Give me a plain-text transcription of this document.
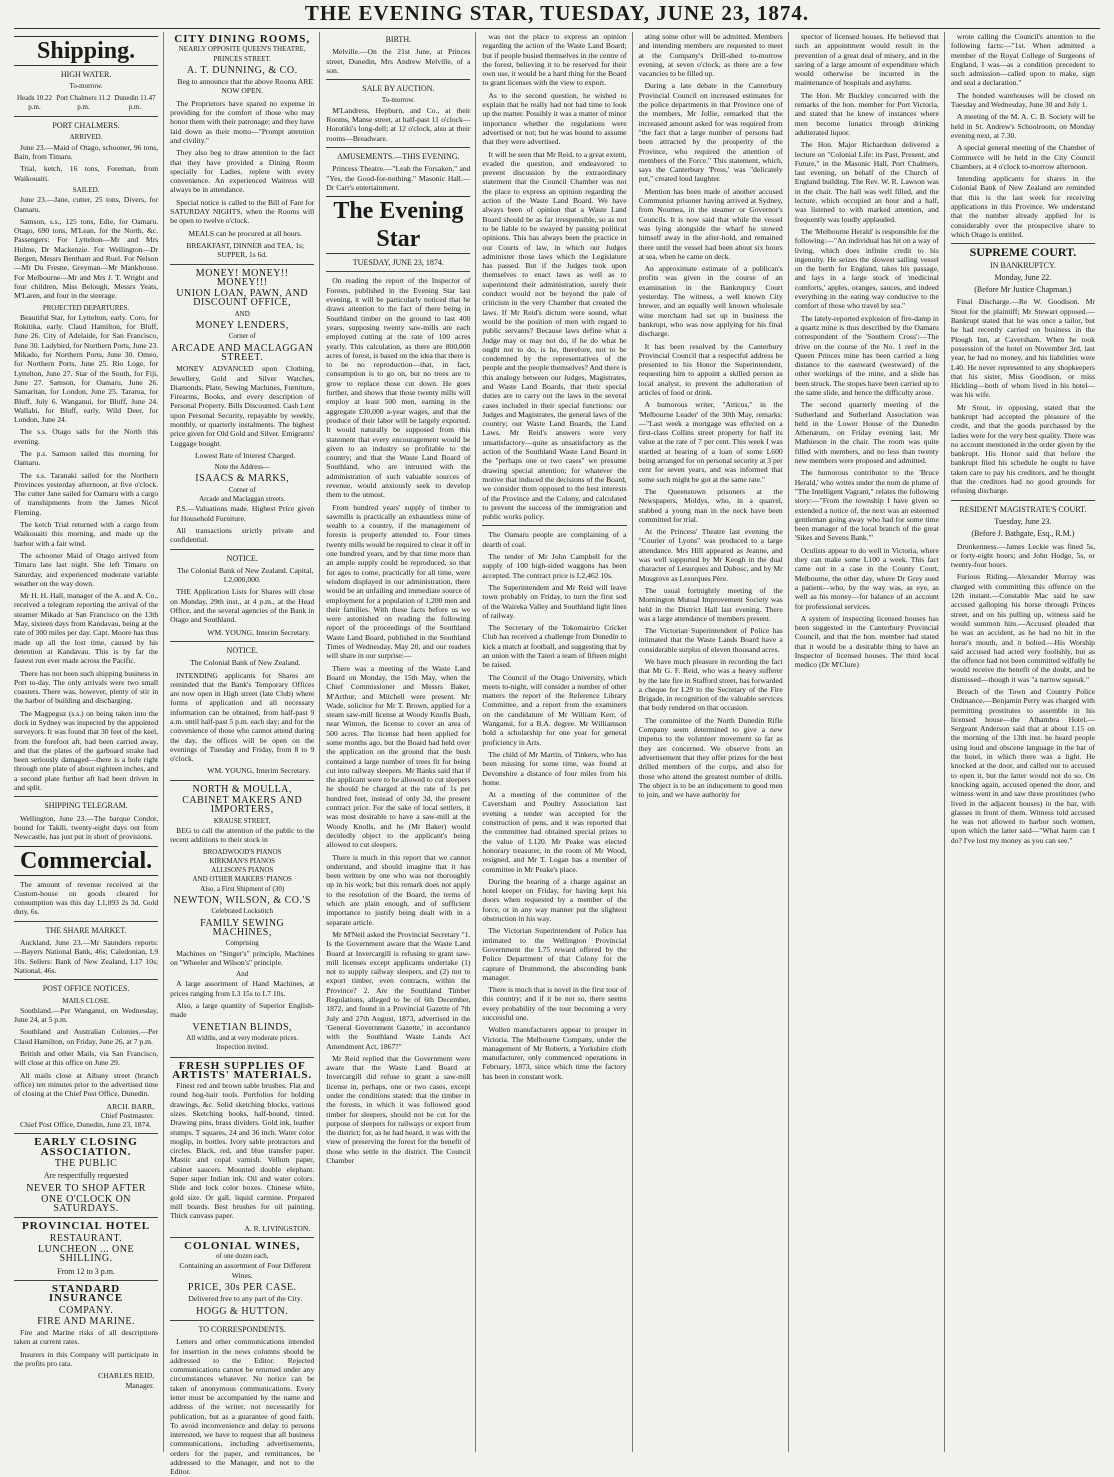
THE EVENING STAR, TUESDAY, JUNE 23, 1874.
Shipping.
HIGH WATER.
To-morrow.
Heads 10.22 p.m.
Port Chalmers 11.2 p.m.
Dunedin 11.47 p.m.
PORT CHALMERS.
ARRIVED.

June 23.—Maid of Otago, schooner, 96 tons, Bain, from Timaru.

Trial, ketch, 16 tons, Foreman, from Waikouaiti.

SAILED.

June 23.—Jane, cutter, 25 tons, Divers, for Oamaru.

Samson, s.s., 125 tons, Edie, for Oamaru. Otago, 690 tons, M'Lean, for the North, &c. Passengers: For Lyttelton—Mr and Mrs Hulme, Dr Mackenzie. For Wellington—Dr Bergen, Messrs Bentham and Ruel. For Nelson—Mr Du Fresne, Greyman—Mr Mankhouse. For Melbourne—Mr and Mrs J. T. Wright and four children, Miss Belough, Messrs Yeats, M'Laren, and four in the steerage.

PROJECTED DEPARTURES.

Beautiful Star, for Lyttelton, early. Coro, for Rokitika, early. Claud Hamilton, for Bluff, June 26. City of Adelaide, for San Francisco, June 30. Ladybird, for Northern Ports, June 23. Mikado, for Northern Ports, June 30. Omeo, for Northern Ports, June 25. Rio Loge, for Lyttelton, June 27. Star of the South, for Fiji, June 27. Samson, for Oamaru, June 26. Samaritan, for London, June 25. Tararua, for Bluff, July 6. Wanganui, for Bluff, June 24. Wallabi, for Bluff, early. Wild Deer, for London, June 24.

The s.s. Otago sails for the North this evening.

The p.s. Samson sailed this morning for Oamaru.

The s.s. Taranaki sailed for the Northern Provinces yesterday afternoon, at five o'clock. The cutter Jane sailed for Oamaru with a cargo of transhipments from the James Nicol Fleming.

The ketch Trial returned with a cargo from Waikouaiti this morning, and made up the harbor with a fair wind.

The schooner Maid of Otago arrived from Timaru late last night. She left Timaru on Saturday, and experienced moderate variable weather on the way down.

Mr H. H. Hall, manager of the A. and A. Co., received a telegram reporting the arrival of the steamer Mikado at San Francisco on the 13th May, sixteen days from Kandavau, being at the rate of 300 miles per day. Capt. Moore has thus made up all the lost time, caused by his detention at Kandavau. This is by far the fastest run ever made across the Pacific.

There has not been such shipping business in Port to-day. The only arrivals were two small coasters. There was, however, plenty of stir in the harbor of building and discharging.

The Magpeguz (s.s.) on being taken into the dock in Sydney was inspected by the appointed surveyors. It was found that 30 feet of the keel, from the forefoot aft, had been carried away, and that the plates of the garboard strake had been seriously damaged—there is a hole right through one plate of about eighteen inches, and a second plate further aft had been driven in and split.

SHIPPING TELEGRAM.

Wellington, June 23.—The barque Condor, bound for Takili, twenty-eight days out from Newcastle, has just put in short of provisions.

Commercial.

The amount of revenue received at the Custom-house on goods cleared for consumption was this day L1,093 2s 3d. Gold duty, 6s.

THE SHARE MARKET.

Auckland, June 23.—Mr Saunders reports: —Bayers National Bank, 46s; Caledonian, L9 10s. Sellers: Bank of New Zealand, L17 10s; National, 46s.

POST OFFICE NOTICES.
MAILS CLOSE.

Southland.—Per Wanganui, on Wednesday, June 24, at 5 p.m.

Southland and Australian Colonies.—Per Claud Hamilton, on Friday, June 26, at 7 p.m.

British and other Mails, via San Francisco, will close at this office on June 29.

All mails close at Albany street (branch office) ten minutes prior to the advertised time of closing at the Chief Post Office, Dunedin.

ARCH. BARR,
Chief Postmaster.

Chief Post Office, Dunedin, June 23, 1874.

EARLY CLOSING ASSOCIATION.
THE PUBLIC
Are respectfully requested
NEVER TO SHOP AFTER
ONE O'CLOCK ON SATURDAYS.
PROVINCIAL HOTEL
RESTAURANT.
LUNCHEON ... ONE SHILLING.
From 12 to 3 p.m.
STANDARD INSURANCE
COMPANY.
FIRE AND MARINE.

Fire and Marine risks of all descriptions taken at current rates.

Insurers in this Company will participate in the profits pro rata.

CHARLES REID,
Manager.
CITY DINING ROOMS,
NEARLY OPPOSITE QUEEN'S THEATRE, PRINCES STREET.
A. T. DUNNING, & CO.

Beg to announce that the above Rooms ARE NOW OPEN.

The Proprietors have spared no expense in providing for the comfort of those who may honor them with their patronage; and they have laid down as their motto—"Prompt attention and civility."

They also beg to draw attention to the fact that they have provided a Dining Room specially for Ladies, replete with every convenience. An experienced Waitress will always be in attendance.

Special notice is called to the Bill of Fare for SATURDAY NIGHTS, when the Rooms will be open to twelve o'clock.

MEALS can be procured at all hours.

BREAKFAST, DINNER and TEA, 1s; SUPPER, 1s 6d.

MONEY! MONEY!! MONEY!!!
UNION LOAN, PAWN, AND DISCOUNT OFFICE,
AND
MONEY LENDERS,
Corner of
ARCADE AND MACLAGGAN STREET.

MONEY ADVANCED upon Clothing, Jewellery, Gold and Silver Watches, Diamonds, Plate, Sewing Machines, Furniture, Firearms, Books, and every description of Personal Property. Bills Discounted. Cash Lent upon Personal Security, repayable by weekly, monthly, or quarterly instalments. The highest price given for Old Gold and Silver. Emigrants' Luggage bought.

Lowest Rate of Interest Charged.

Note the Address—
ISAACS & MARKS,
Corner of
Arcade and Maclaggan streets.

P.S.—Valuations made. Highest Price given for Household Furniture.

All transactions strictly private and confidential.

NOTICE.

The Colonial Bank of New Zealand. Capital, L2,000,000.

THE Application Lists for Shares will close on Monday, 29th inst., at 4 p.m., at the Head Office, and the several agencies of the Bank in Otago and Southland.

WM. YOUNG, Interim Secretary.
NOTICE.

The Colonial Bank of New Zealand.

INTENDING applicants for Shares are reminded that the Bank's Temporary Offices are now open in High street (late Club) where forms of application and all necessary information can be obtained, from half-past 9 a.m. until half-past 5 p.m. each day; and for the convenience of those who cannot attend during the day, the offices will be open on the evenings of Tuesday and Friday, from 8 to 9 o'clock.

WM. YOUNG, Interim Secretary.
NORTH & MOULLA,
CABINET MAKERS AND IMPORTERS,
KRAUSE STREET,

BEG to call the attention of the public to the recent additions to their stock in

BROADWOOD'S PIANOS
KIRKMAN'S PIANOS
ALLISON'S PIANOS
AND OTHER MAKERS' PIANOS
Also, a First Shipment of (30)
NEWTON, WILSON, & CO.'S
Celebrated Lockstitch
FAMILY SEWING MACHINES,
Comprising

Machines on "Singer's" principle, Machines on "Wheeler and Wilson's" principle.

And

A large assortment of Hand Machines, at prices ranging from L3 15s to L7 10s.

Also, a large quantity of Superior English-made

VENETIAN BLINDS,
All widths, and at very moderate prices.
Inspection invited.
FRESH SUPPLIES OF ARTISTS' MATERIALS.

Finest red and brown sable brushes. Flat and round hog-hair tools. Portfolios for holding drawings, &c. Solid sketching blocks, various sizes. Sketching books, half-bound, tinted. Drawing pins, brass dividers. Gold ink, leather stumps. T squares, 24 and 36 inch. Water color moglip, in bottles. Ivory sable protractors and circles. Black, red, and blue transfer paper. Mastic and copal varnish. Vellum paper, cabinet saucers. Mounted double elephant. Super super Indian ink. Oil and water colors. Slide and lock color boxes. Chinese white, gold size. Or gall, liquid carmine. Prepared mill boards. Best brushes for oil painting. Thick canvass paper.

A. R. LIVINGSTON.
COLONIAL WINES,
of one dozen each,

Containing an assortment of Four Different Wines.

PRICE, 30s PER CASE.

Delivered free to any part of the City.

HOGG & HUTTON.
TO CORRESPONDENTS.

Letters and other communications intended for insertion in the news columns should be addressed to the Editor. Rejected communications cannot be returned under any circumstances whatever. No notice can be taken of anonymous communications. Every letter must be accompanied by the name and address of the writer, not necessarily for publication, but as a guarantee of good faith. To avoid inconvenience and delay to persons interested, we have to request that all business communications, including advertisements, orders for the paper, and remittances, be addressed to the Manager, and not to the Editor.

BIRTH.

Melville.—On the 21st June, at Princes street, Dunedin, Mrs Andrew Melville, of a son.

SALE BY AUCTION.
To-morrow.

M'Landress, Hepburn, and Co., at their Rooms, Manse street, at half-past 11 o'clock—Horotiki's long-dell; at 12 o'clock, also at their rooms—Breadware.

AMUSEMENTS.—THIS EVENING.

Princess Theatre.—"Leah the Forsaken," and "Yes, the Good-for-nothing." Masonic Hall.—Dr Carr's entertainment.

The Evening Star
TUESDAY, JUNE 23, 1874.

On reading the report of the Inspector of Forests, published in the Evening Star last evening, it will be particularly noticed that he draws attention to the fact of there being in Southland timber on the ground to last 400 years, supposing twenty saw-mills are each employed cutting at the rate of 100 acres yearly. This calculation, as there are 800,000 acres of forest, is based on the idea that there is to be no reproduction—that, in fact, consumption is to go on, but no trees are to grow to replace those cut down. He goes further, and shows that those twenty mills will employ at least 500 men, earning in the aggregate £30,000 a-year wages, and that the produce of their labor will be largely exported. It would naturally be supposed from this statement that every encouragement would be given to an industry so profitable to the country; and that the Waste Land Board of Southland, who are intrusted with the administration of such valuable sources of revenue, would anxiously seek to develop them to the utmost.

From hundred years' supply of timber to sawmills is practically an exhaustless mine of wealth to a country, if the management of forests is properly attended to. Four times twenty mills would be required to clear it off in one hundred years, and by that time more than an ample supply could be reproduced, so that for ages to come, practically for all time, were wisdom displayed in our administration, there would be an unfailing and immediate source of employment for a population of 1,200 men and their families. With these facts before us we were astonished on reading the following report of the proceedings of the Southland Waste Land Board, published in the Southland Times of Wednesday, May 20, and our readers will share in our surprise:—

There was a meeting of the Waste Land Board on Monday, the 15th May, when the Chief Commissioner and Messrs Baker, M'Arthur, and Mitchell were present. Mr Wade, solicitor for Mr T. Brown, applied for a steam saw-mill license at Woody Knolls Bush, near Winton, the license to cover an area of 500 acres. The license had been applied for some months ago, but the Board had held over the application on the ground that the bush contained a large number of trees fit for being cut into railway sleepers. Mr Banks said that if the applicant were to be allowed to cut sleepers he should be charged at the rate of 1s per hundred feet, instead of only 3d, the present contract price. For the sake of local settlers, it was most desirable to have a saw-mill at the Woody Knolls, and he (Mr Baker) would decidedly object to the applicant's being allowed to cut sleepers.

There is much in this report that we cannot understand, and should imagine that it has been written by one who was not thoroughly up in his work; but this remark does not apply to the resolution of the Board, the terms of which are plain enough, and of sufficient importance to justify being dealt with in a separate article.

Mr M'Neil asked the Provincial Secretary "1. Is the Government aware that the Waste Land Board at Invercargill is refusing to grant saw-mill licenses except applicants undertake (1) not to supply railway sleepers, and (2) not to export timber, even contracts, within the Province? 2. Are the Southland Timber Regulations, alleged to be of 6th December, 1872, and found in a Provincial Gazette of 7th July and 27th August, 1873, advertised in the 'General Government Gazette,' in accordance with the Southland Waste Lands Act Amendment Act, 1867?"

Mr Reid replied that the Government were aware that the Waste Land Board at Invercargill did refuse to grant a saw-mill license in, perhaps, one or two cases, except under the conditions stated: that the timber in the forests, in which it was followed good timber for sleepers, should not be cut for the purpose of sleepers for railways or export from the district; for, as he had heard, it was with the view of preserving the forest for the benefit of those who settle in the district. The Council Chamber

was not the place to express an opinion regarding the action of the Waste Land Board; but if people busied themselves in the centre of the forest, believing it to be reserved for their own use, it would be a hard thing for the Board to grant licenses with the view to export.

As to the second question, he wished to explain that he really had not had time to look up the matter. Possibly it was a matter of minor importance whether the regulations were advertised or not; but he was bound to assume that they were advertised.

It will be seen that Mr Reid, to a great extent, evaded the question, and endeavored to prevent discussion by the extraordinary statement that the Council Chamber was not the place to express an opinion regarding the action of the Waste Land Board. We have always been of opinion that a Waste Land Board should be as far irresponsible, so as not to be liable to be swayed by passing political opinions. This has always been the practice in our Courts of law, in which our Judges administer those laws which the Legislature has passed. But if the Judges took upon themselves to enact laws as well as to superintend their administration, surely their conduct would not be beyond the pale of criticism in the very Chamber that created the laws. If Mr Reid's dictum were sound, what would be the position of men with regard to public servants? Because laws define what a Judge may or may not do, if he do what he ought not to do, is he, therefore, not to be condemned by the representatives of the people and the people themselves? And there is this analogy between our Judges, Magistrates, and Waste Land Boards, that their special duties are to carry out the laws in the several cases included in their special functions: our Judges and Magistrates, the general laws of the country; our Waste Land Boards, the Land Laws. Mr Reid's answers were very unsatisfactory—quite as unsatisfactory as the action of the Southland Waste Land Board in the "perhaps one or two cases" we presume drawing special attention; for whatever the motive that induced the decisions of the Board, we consider them opposed to the best interests of the Province and the Colony, and calculated to prevent the success of the immigration and public works policy.

The Oamaru people are complaining of a dearth of coal.

The tender of Mr John Campbell for the supply of 100 high-sided waggons has been accepted. The contract price is L2,462 10s.

The Superintendent and Mr Reid will leave town probably on Friday, to turn the first sod of the Waireka Valley and Southland light lines of railway.

The Secretary of the Tokomairiro Cricket Club has received a challenge from Dunedin to kick a match at football, and suggesting that by an union with the Taieri a team of fifteen might be raised.

The Council of the Otago University, which meets to-night, will consider a number of other matters the report of the Reference Library Committee, and a report from the examiners on the candidature of Mr William Kerr, of Wanganui, for a B.A. degree. Mr Williamson hold a scholarship for one year for general proficiency in Arts.

The child of Mr Martin, of Tinkers, who has been missing for some time, was found at Devonshire a distance of four miles from his home.

At a meeting of the committee of the Caversham and Poultry Association last evening a tender was accepted for the construction of pens, and it was reported that the committee had obtained special prizes to the value of L120. Mr Peake was elected honorary treasurer, in the room of Mr Wood, resigned, and Mr T. Logan has a member of committee in Mr Peake's place.

During the hearing of a charge against an hotel keeper on Friday, for having kept his doors when requested by a member of the force, or in any way manner put the slightest obstruction in his way.

The Victorian Superintendent of Police has intimated to the Wellington Provincial Government the L75 reward offered by the Police Department of that Colony for the capture of Drummond, the absconding bank manager.

There is much that is novel in the first tour of this country; and if it be not so, there seems every probability of the tour becoming a very successful one.

Wollen manufacturers appear to prosper in Victoria. The Melbourne Company, under the management of Mr Roberts, a Yorkshire cloth manufacturer, only commenced operations in February, 1873, since which time the factory has been in constant work.

ating some other will be admitted. Members and intending members are requested to meet at the Company's Drill-shed to-morrow evening, at seven o'clock, as there are a few vacancies to be filled up.

During a late debate in the Canterbury Provincial Council on increased estimates for the police departments in that Province one of the members, Mr Jollie, remarked that the increased amount asked for was required from "the fact that a large number of persons had been attracted by the prosperity of the Province, who required the attention of members of the Force." This statement, which, says the Canterbury 'Press,' was "delicately put," created loud laughter.

Mention has been made of another accused Communist prisoner having arrived at Sydney, from Noumea, in the steamer or Governor's Councils. It is now said that while the vessel was lying alongside the wharf he stowed himself away in the after-hold, and remained there until the vessel had been about six hours at sea, when he came on deck.

An approximate estimate of a publican's profits was given in the course of an examination in the Bankruptcy Court yesterday. The witness, a well known City brewer, and an equally well known wholesale wine merchant had set up in business the bankrupt, who was now applying for his final discharge.

It has been resolved by the Canterbury Provincial Council that a respectful address be presented to his Honor the Superintendent, requesting him to appoint a skilled person as local analyst, to prevent the adulteration of articles of food or drink.

A humorous writer, "Atticus," in the 'Melbourne Leader' of the 30th May, remarks:—"Last week a mortgage was effected on a first-class Collins street property for half its value at the rate of 7 per cent. This week I was startled at hearing of a loan of some L600 being arranged for on personal security at 3 per cent for seven years, and was informed that some such might be got at the same rate."

The Queenstown prisoners at the Newspapers, Moldys, who, in a quarrel, stabbed a young man in the neck have been committed for trial.

At the Princess' Theatre last evening the "Courier of Lyons" was produced to a large attendance. Mrs Hill appeared as Jeanne, and was well supported by Mr Keogh in the dual character of Lesurques and Dubosc, and by Mr Musgrove as Lesurques Père.

The usual fortnightly meeting of the Mornington Mutual Improvement Society was held in the District Hall last evening. There was a large attendance of members present.

The Victorian Superintendent of Police has intimated that the Waste Lands Board have a considerable surplus of eleven thousand acres.

We have much pleasure in recording the fact that Mr G. F. Reid, who was a heavy sufferer by the late fire in Stafford street, has forwarded a cheque for L29 to the Secretary of the Fire Brigade, in recognition of the valuable services that body rendered on that occasion.

The committee of the North Dunedin Rifle Company seem determined to give a new impetus to the volunteer movement so far as they are concerned. We observe from an advertisement that they offer prizes for the best drilled members of the corps, and also for those who attend the greatest number of drills. The object is to be an inducement to good men to join, and we have authority for

spector of licensed houses. He believed that such an appointment would result in the prevention of a great deal of misery, and in the saving of a large amount of expenditure which would otherwise be incurred in the maintenance of hospitals and asylums.

The Hon. Mr Buckley concurred with the remarks of the hon. member for Port Victoria, and stated that he knew of instances where men become lunatics through drinking adulterated liquor.

The Hon. Major Richardson delivered a lecture on "Colonial Life: its Past, Present, and Future," in the Masonic Hall, Port Chalmers, last evening, on behalf of the Church of England building. The Rev. W. R. Lawson was in the chair. The hall was well filled, and the lecture, which occupied an hour and a half, was listened to with marked attention, and frequently was loudly applauded.

The 'Melbourne Herald' is responsible for the following:—"An individual has hit on a way of living, which does infinite credit to his ingenuity. He seizes the slowest sailing vessel on the berth for England, takes his passage, and lays in a large stock of 'medicinal comforts,' apples, oranges, sauces, and indeed everything in the eating way conducive to the comfort of those who travel by sea."

The lately-reported explosion of fire-damp in a quartz mine is thus described by the Oamaru correspondent of the 'Southern Cross':—The drive on the course of the No. 1 reef in the Queen Princes mine has been carried a long distance to the eastward (westward) of the other workings of the mine, and a slide has been struck. The stopes have been carried up to the same slide, and hence the difficulty arose.

The second quarterly meeting of the Sutherland and Sutherland Association was held in the Lower House of the Dunedin Athenæum, on Friday evening last, Mr Mathieson in the chair. The room was quite filled with members, and no less than twenty new members were proposed and admitted.

The humorous contributor to the 'Bruce Herald,' who writes under the nom de plume of "The Intelligent Vagrant," relates the following story:—"From the township I have given so extended a notice of, the next was an esteemed gentleman going away who had for some time been manager of the local branch of the great 'Sikes and Sevens Bank.'"

Oculists appear to do well in Victoria, where they can make some L100 a week. This fact came out in a case in the County Court, Melbourne, the other day, where Dr Grey sued a patient—who, by the way was, as eye, as well as his money—for balance of an account for professional services.

A system of inspecting licensed houses has been suggested in the Canterbury Provincial Council, and that the hon. member had stated that it would be a desirable thing to have an Inspector of licensed houses. The third local medico (Dr M'Clure)

wrote calling the Council's attention to the following facts:—"1st. When admitted a member of the Royal College of Surgeons of England, I was—as a condition precedent to such admission—called upon to make, sign and seal a declaration."

The bonded warehouses will be closed on Tuesday and Wednesday, June 30 and July 1.

A meeting of the M. A. C. B. Society will be held in St. Andrew's Schoolroom, on Monday evening next, at 7.30.

A special general meeting of the Chamber of Commerce will be held in the City Council Chambers, at 4 o'clock to-morrow afternoon.

Intending applicants for shares in the Colonial Bank of New Zealand are reminded that this is the last week for receiving applications in this Province. We understand that the number already applied for is considerably over the prospective share to which Otago is entitled.

SUPREME COURT.
IN BANKRUPTCY.
Monday, June 22.
(Before Mr Justice Chapman.)

Final Discharge.—Re W. Goodison. Mr Stout for the plaintiff; Mr Stewart opposed.—Bankrupt stated that he was once a tailor, but he had recently carried on business in the Plough Inn, at Caversham. When he took possession of the hotel on November 3rd, last year, he had no money, and his liabilities were L40. He never represented to any shopkeepers that his sister, Miss Goodison, or miss Hickling—both of whom lived in his hotel—was his wife.

Mr Stout, in opposing, stated that the bankrupt had accepted the pleasure of the credit, and that the goods purchased by the ladies were for the very best quality. There was no account mentioned in the order given by the bankrupt. His Honor said that before the bankrupt filed his schedule he ought to have taken care to pay his creditors, and he thought that the creditors had no good grounds for refusing discharge.

RESIDENT MAGISTRATE'S COURT.
Tuesday, June 23.
(Before J. Bathgate, Esq., R.M.)

Drunkenness.—James Leckie was fined 5s, or forty-eight hours; and John Hodge, 5s, or twenty-four hours.

Furious Riding.—Alexander Murray was charged with committing this offence on the 12th instant.—Constable Mac said he saw accused galloping his horse through Princes street, and on his pulling up, witness said he would summon him.—Accused pleaded that he was an accident, as he had no bit in the horse's mouth, and it bolted.—His Worship said accused had acted very foolishly, but as the offence had not been committed wilfully he would receive the benefit of the doubt, and be dismissed—though it was "a narrow squeak."

Breach of the Town and Country Police Ordinance.—Benjamin Perry was charged with permitting prostitutes to assemble in his licensed house—the Alhambra Hotel.—Sergeant Anderson said that at about 1.15 on the morning of the 13th inst. he heard people using loud and obscene language in the bar of the hotel, in which there was a light. He knocked at the door, and called out to accused to open it, but the latter would not do so. On knocking again, accused opened the door, and witness went in and saw three prostitutes (who lived in the adjacent houses) in the bar, with glasses in front of them. Witness told accused he was not allowed to harbor such women, upon which the latter said—"What harm can I do? I've lost my money as you can see."
